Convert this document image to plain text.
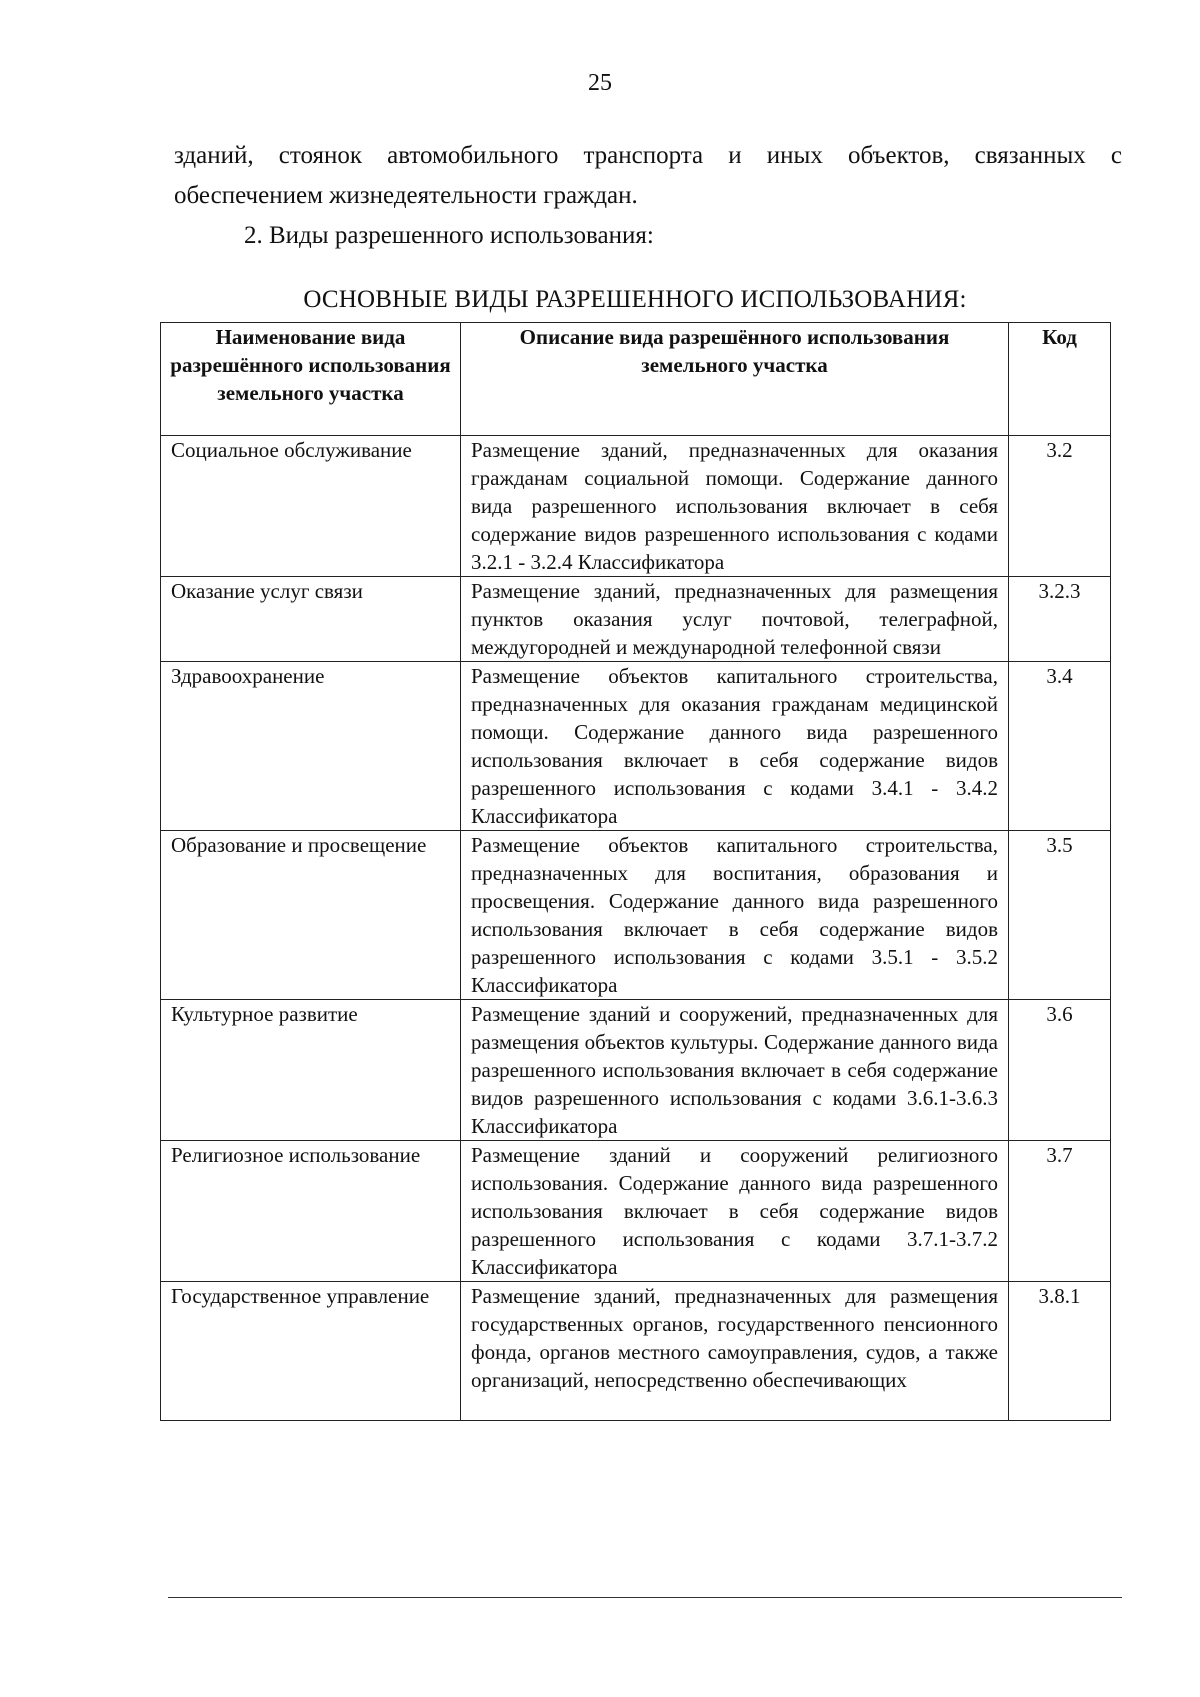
25

зданий, стоянок автомобильного транспорта и иных объектов, связанных с обеспечением жизнедеятельности граждан.

2. Виды разрешенного использования:

ОСНОВНЫЕ ВИДЫ РАЗРЕШЕННОГО ИСПОЛЬЗОВАНИЯ:
Наименование вида разрешённого использования земельного участка	Описание вида разрешённого использования земельного участка	Код
Социальное обслуживание	Размещение зданий, предназначенных для оказания гражданам социальной помощи. Содержание данного вида разрешенного использования включает в себя содержание видов разрешенного использования с кодами 3.2.1 - 3.2.4 Классификатора	3.2
Оказание услуг связи	Размещение зданий, предназначенных для размещения пунктов оказания услуг почтовой, телеграфной, междугородней и международной телефонной связи	3.2.3
Здравоохранение	Размещение объектов капитального строительства, предназначенных для оказания гражданам медицинской помощи. Содержание данного вида разрешенного использования включает в себя содержание видов разрешенного использования с кодами 3.4.1 - 3.4.2 Классификатора	3.4
Образование и просвещение	Размещение объектов капитального строительства, предназначенных для воспитания, образования и просвещения. Содержание данного вида разрешенного использования включает в себя содержание видов разрешенного использования с кодами 3.5.1 - 3.5.2 Классификатора	3.5
Культурное развитие	Размещение зданий и сооружений, предназначенных для размещения объектов культуры. Содержание данного вида разрешенного использования включает в себя содержание видов разрешенного использования с кодами 3.6.1-3.6.3 Классификатора	3.6
Религиозное использование	Размещение зданий и сооружений религиозного использования. Содержание данного вида разрешенного использования включает в себя содержание видов разрешенного использования с кодами 3.7.1-3.7.2 Классификатора	3.7
Государственное управление	Размещение зданий, предназначенных для размещения государственных органов, государственного пенсионного фонда, органов местного самоуправления, судов, а также организаций, непосредственно обеспечивающих	3.8.1
